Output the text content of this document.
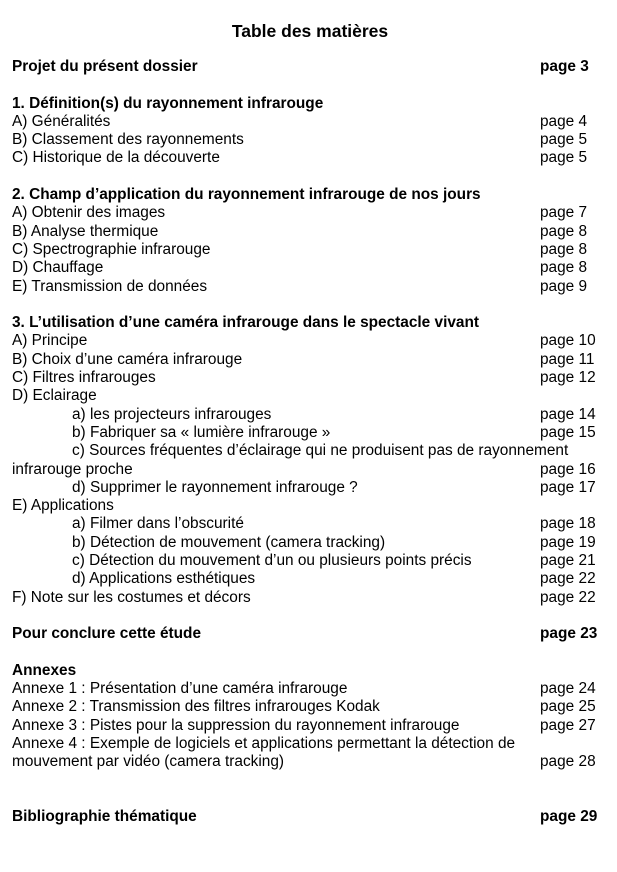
Table des matières
Projet du présent dossier	page 3
1. Définition(s) du rayonnement infrarouge
A) Généralités	page 4
B) Classement des rayonnements	page 5
C) Historique de la découverte	page 5
2. Champ d’application du rayonnement infrarouge de nos jours
A) Obtenir des images	page 7
B) Analyse thermique	page 8
C) Spectrographie infrarouge	page 8
D) Chauffage	page 8
E) Transmission de données	page 9
3. L’utilisation d’une caméra infrarouge dans le spectacle vivant
A) Principe	page 10
B) Choix d’une caméra infrarouge	page 11
C) Filtres infrarouges	page 12
D) Eclairage
a) les projecteurs infrarouges	page 14
b) Fabriquer sa « lumière infrarouge »	page 15
c) Sources fréquentes d’éclairage qui ne produisent pas de rayonnement
infrarouge proche	page 16
d) Supprimer le rayonnement infrarouge ?	page 17
E) Applications
a) Filmer dans l’obscurité	page 18
b) Détection de mouvement (camera tracking)	page 19
c) Détection du mouvement d’un ou plusieurs points précis	page 21
d) Applications esthétiques	page 22
F) Note sur les costumes et décors	page 22
Pour conclure cette étude	page 23
Annexes
Annexe 1 : Présentation d’une caméra infrarouge	page 24
Annexe 2 : Transmission des filtres infrarouges Kodak	page 25
Annexe 3 : Pistes pour la suppression du rayonnement infrarouge	page 27
Annexe 4 : Exemple de logiciels et applications permettant la détection de
mouvement par vidéo (camera tracking)	page 28
Bibliographie thématique	page 29
